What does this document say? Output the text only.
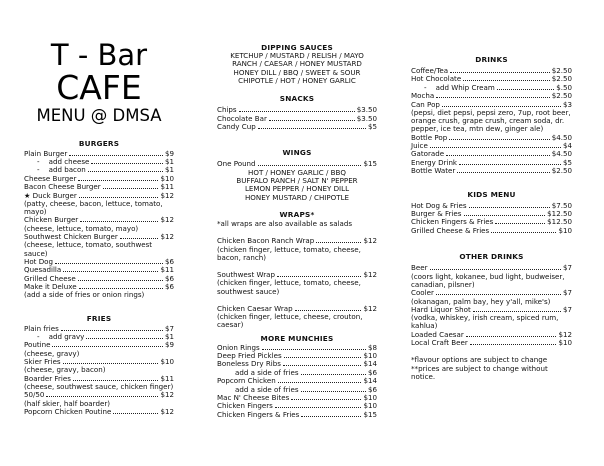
T - Bar
CAFE
MENU @ DMSA
BURGERS
Plain Burger	$9
- add cheese	$1
- add bacon	$1
Cheese Burger	$10
Bacon Cheese Burger	$11
★ Duck Burger	$12
(patty, cheese, bacon, lettuce, tomato, mayo)
Chicken Burger	$12
(cheese, lettuce, tomato, mayo)
Southwest Chicken Burger	$12
(cheese, lettuce, tomato, southwest sauce)
Hot Dog	$6
Quesadilla	$11
Grilled Cheese	$6
Make it Deluxe	$6
(add a side of fries or onion rings)
FRIES
Plain fries	$7
- add gravy	$1
Poutine	$9
(cheese, gravy)
Skier Fries	$10
(cheese, gravy, bacon)
Boarder Fries	$11
(cheese, southwest sauce, chicken finger)
50/50	$12
(half skier, half boarder)
Popcorn Chicken Poutine	$12
DIPPING SAUCES
KETCHUP / MUSTARD / RELISH / MAYO
RANCH / CAESAR / HONEY MUSTARD
HONEY DILL / BBQ / SWEET & SOUR
CHIPOTLE / HOT / HONEY GARLIC
SNACKS
Chips	$3.50
Chocolate Bar	$3.50
Candy Cup	$5
WINGS
One Pound	$15
HOT / HONEY GARLIC / BBQ
BUFFALO RANCH / SALT N' PEPPER
LEMON PEPPER / HONEY DILL
HONEY MUSTARD / CHIPOTLE
WRAPS*
*all wraps are also available as salads
Chicken Bacon Ranch Wrap	$12
(chicken finger, lettuce, tomato, cheese, bacon, ranch)
Southwest Wrap	$12
(chicken finger, lettuce, tomato, cheese, southwest sauce)
Chicken Caesar Wrap	$12
(chicken finger, lettuce, cheese, crouton, caesar)
MORE MUNCHIES
Onion Rings	$8
Deep Fried Pickles	$10
Boneless Dry Ribs	$14
add a side of fries	$6
Popcorn Chicken	$14
add a side of fries	$6
Mac N' Cheese Bites	$10
Chicken Fingers	$10
Chicken Fingers & Fries	$15
DRINKS
Coffee/Tea	$2.50
Hot Chocolate	$2.50
- add Whip Cream	$.50
Mocha	$2.50
Can Pop	$3
(pepsi, diet pepsi, pepsi zero, 7up, root beer, orange crush, grape crush, cream soda, dr. pepper, ice tea, mtn dew, ginger ale)
Bottle Pop	$4.50
Juice	$4
Gatorade	$4.50
Energy Drink	$5
Bottle Water	$2.50
KIDS MENU
Hot Dog & Fries	$7.50
Burger & Fries	$12.50
Chicken Fingers & Fries	$12.50
Grilled Cheese & Fries	$10
OTHER DRINKS
Beer	$7
(coors light, kokanee, bud light, budweiser, canadian, pilsner)
Cooler	$7
(okanagan, palm bay, hey y'all, mike's)
Hard Liquor Shot	$7
(vodka, whiskey, irish cream, spiced rum, kahlua)
Loaded Caesar	$12
Local Craft Beer	$10
*flavour options are subject to change
**prices are subject to change without notice.
